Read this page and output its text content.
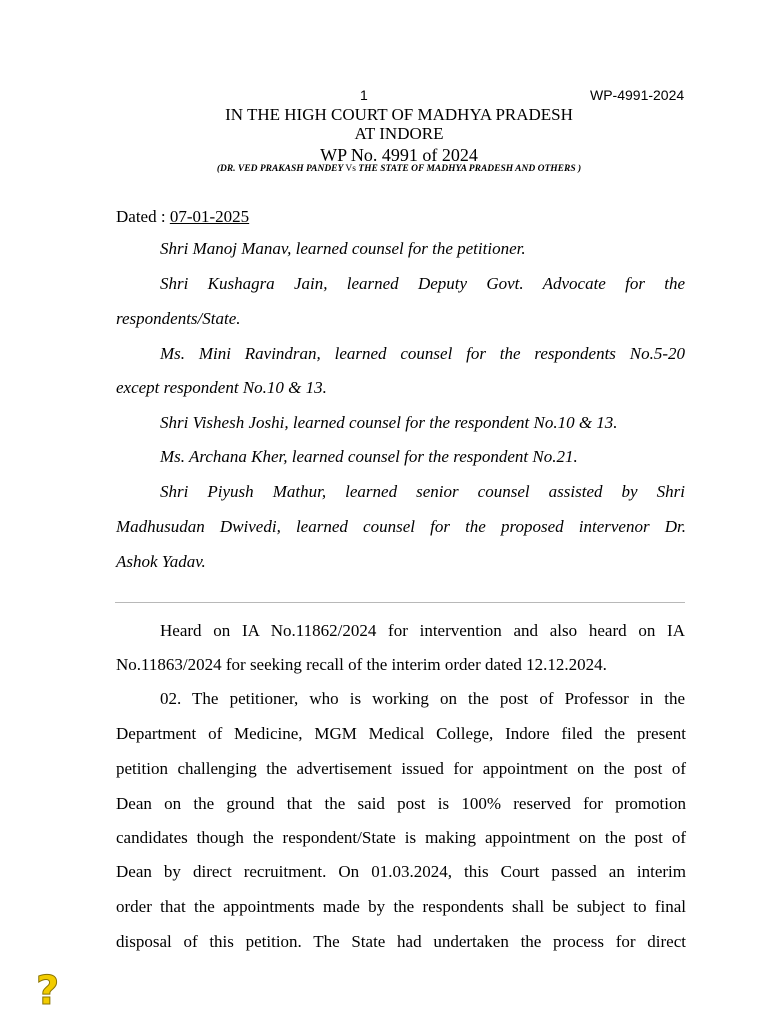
1	WP-4991-2024
IN THE HIGH COURT OF MADHYA PRADESH
AT INDORE
WP No. 4991 of 2024
(DR. VED PRAKASH PANDEY Vs THE STATE OF MADHYA PRADESH AND OTHERS )
Dated : 07-01-2025
Shri Manoj Manav, learned counsel for the petitioner.
Shri Kushagra Jain, learned Deputy Govt. Advocate for the
respondents/State.
Ms. Mini Ravindran, learned counsel for the respondents No.5-20
except respondent No.10 & 13.
Shri Vishesh Joshi, learned counsel for the respondent No.10 & 13.
Ms. Archana Kher, learned counsel for the respondent No.21.
Shri Piyush Mathur, learned senior counsel assisted by Shri
Madhusudan Dwivedi, learned counsel for the proposed intervenor Dr.
Ashok Yadav.
Heard on IA No.11862/2024 for intervention and also heard on IA
No.11863/2024 for seeking recall of the interim order dated 12.12.2024.
02. The petitioner, who is working on the post of Professor in the
Department of Medicine, MGM Medical College, Indore filed the present
petition challenging the advertisement issued for appointment on the post of
Dean on the ground that the said post is 100% reserved for promotion
candidates though the respondent/State is making appointment on the post of
Dean by direct recruitment. On 01.03.2024, this Court passed an interim
order that the appointments made by the respondents shall be subject to final
disposal of this petition. The State had undertaken the process for direct
?
